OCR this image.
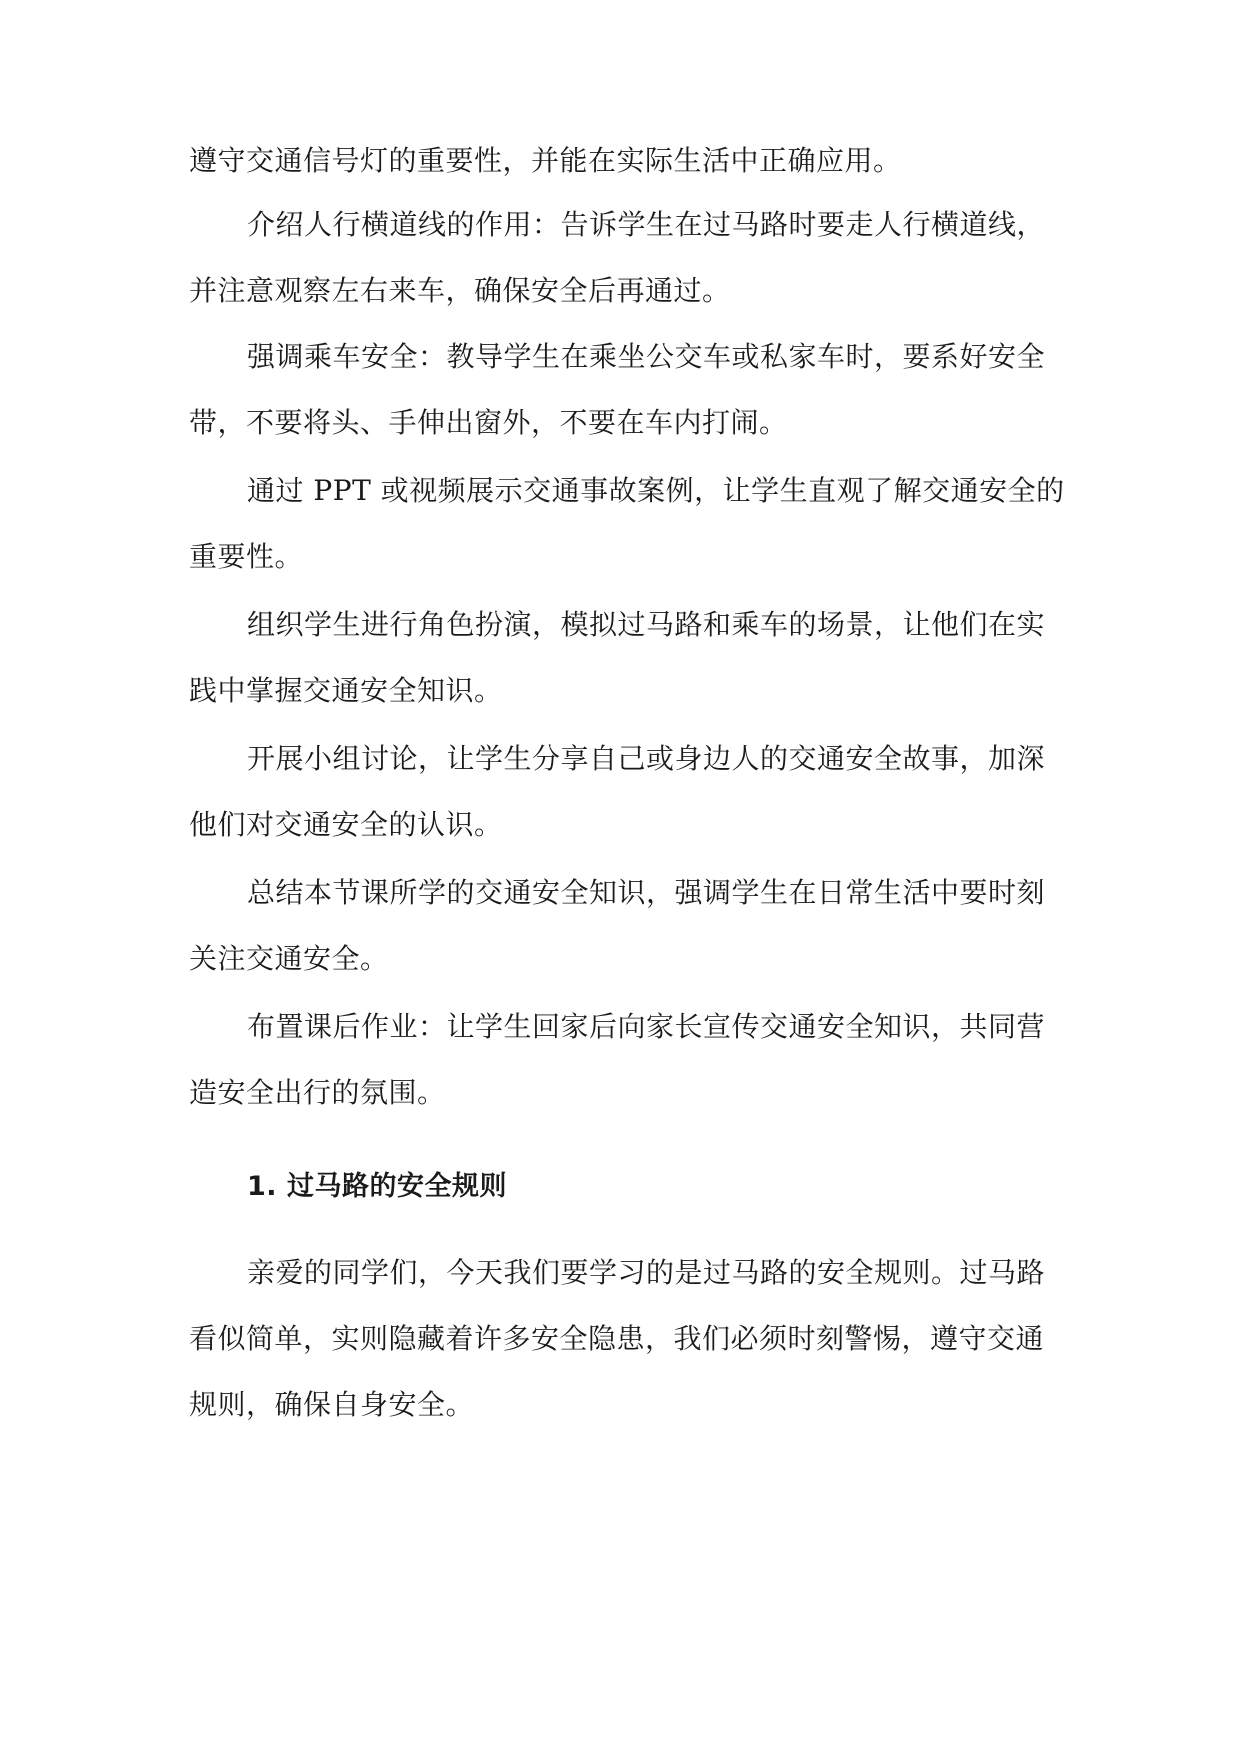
遵守交通信号灯的重要性，并能在实际生活中正确应用。
介绍人行横道线的作用：告诉学生在过马路时要走人行横道线，
并注意观察左右来车，确保安全后再通过。
强调乘车安全：教导学生在乘坐公交车或私家车时，要系好安全
带，不要将头、手伸出窗外，不要在车内打闹。
通过 PPT 或视频展示交通事故案例，让学生直观了解交通安全的
重要性。
组织学生进行角色扮演，模拟过马路和乘车的场景，让他们在实
践中掌握交通安全知识。
开展小组讨论，让学生分享自己或身边人的交通安全故事，加深
他们对交通安全的认识。
总结本节课所学的交通安全知识，强调学生在日常生活中要时刻
关注交通安全。
布置课后作业：让学生回家后向家长宣传交通安全知识，共同营
造安全出行的氛围。
1. 过马路的安全规则
亲爱的同学们，今天我们要学习的是过马路的安全规则。过马路
看似简单，实则隐藏着许多安全隐患，我们必须时刻警惕，遵守交通
规则，确保自身安全。
